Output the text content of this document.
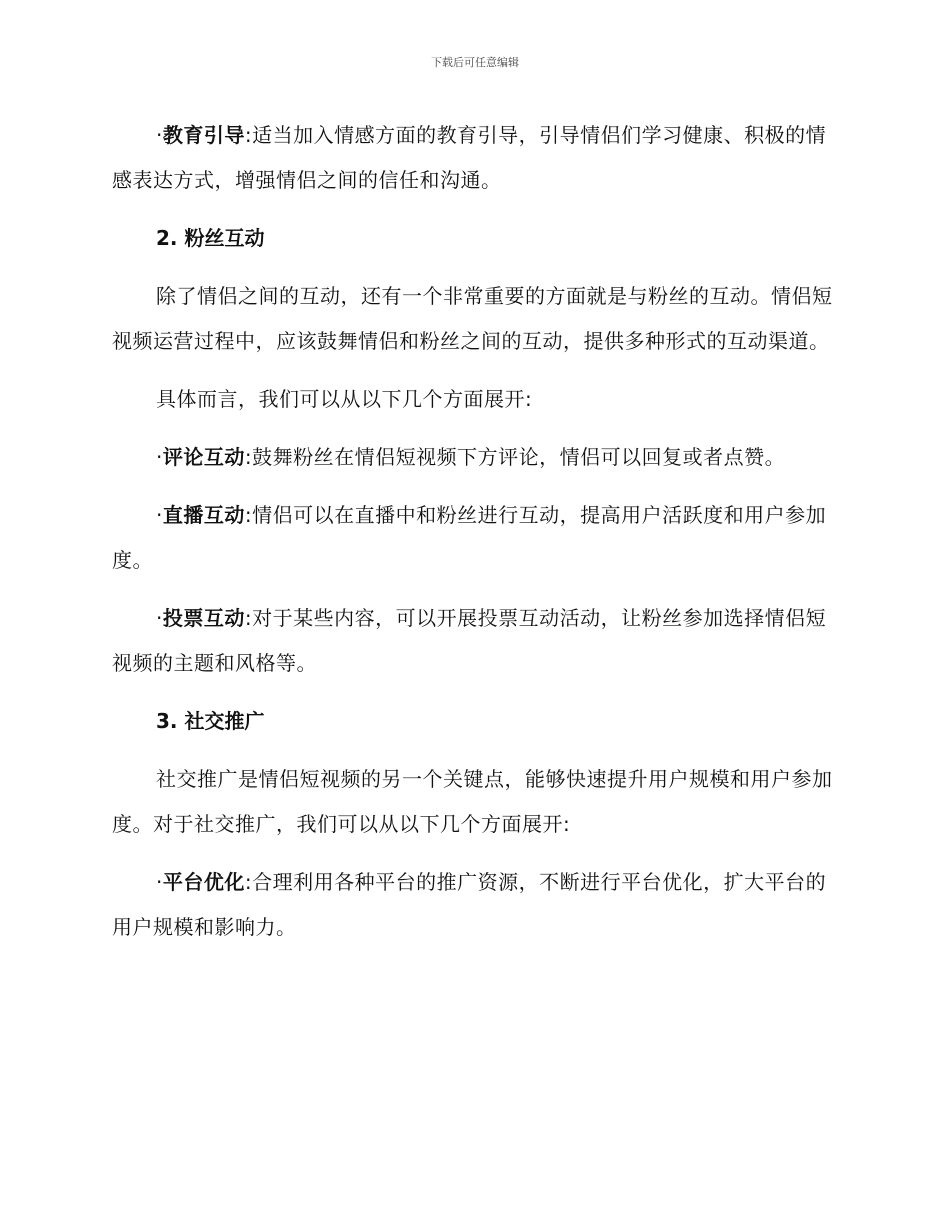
下载后可任意编辑

·教育引导:适当加入情感方面的教育引导，引导情侣们学习健康、积极的情感表达方式，增强情侣之间的信任和沟通。

2. 粉丝互动

除了情侣之间的互动，还有一个非常重要的方面就是与粉丝的互动。情侣短视频运营过程中，应该鼓舞情侣和粉丝之间的互动，提供多种形式的互动渠道。

具体而言，我们可以从以下几个方面展开:

·评论互动:鼓舞粉丝在情侣短视频下方评论，情侣可以回复或者点赞。

·直播互动:情侣可以在直播中和粉丝进行互动，提高用户活跃度和用户参加度。

·投票互动:对于某些内容，可以开展投票互动活动，让粉丝参加选择情侣短视频的主题和风格等。

3. 社交推广

社交推广是情侣短视频的另一个关键点，能够快速提升用户规模和用户参加度。对于社交推广，我们可以从以下几个方面展开:

·平台优化:合理利用各种平台的推广资源，不断进行平台优化，扩大平台的用户规模和影响力。
